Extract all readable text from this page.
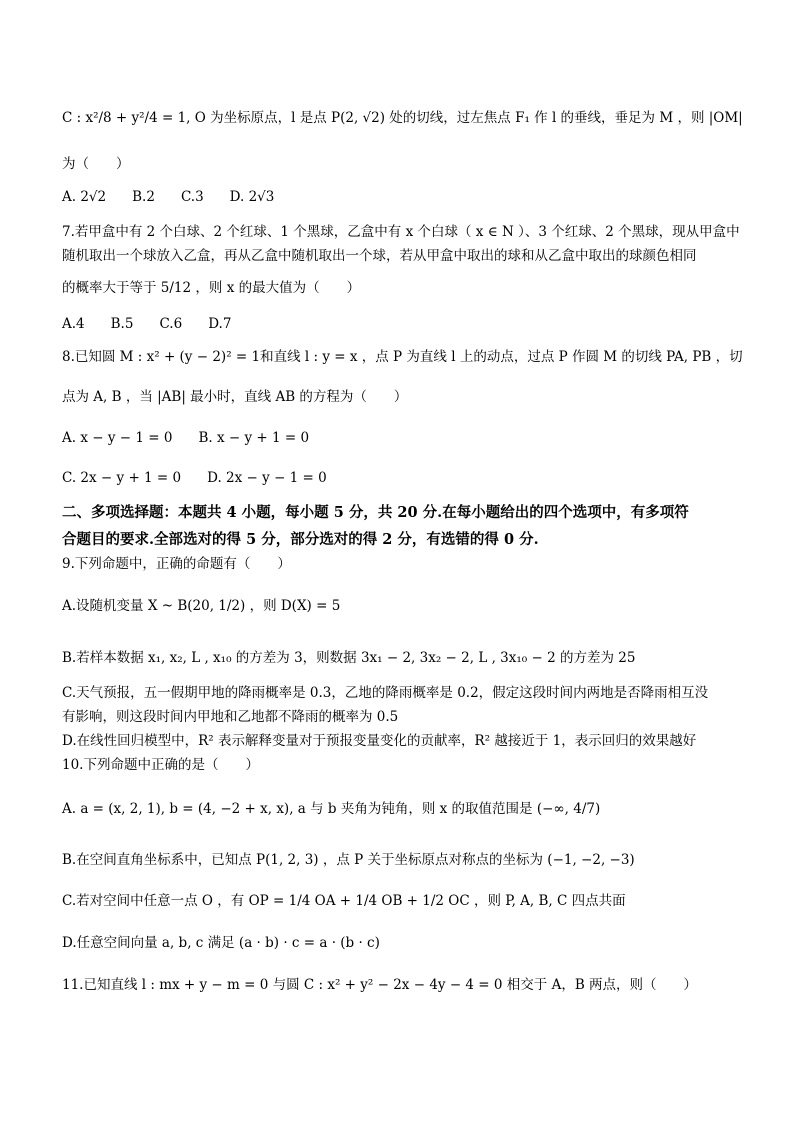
C : x²/8 + y²/4 = 1, O 为坐标原点，l 是点 P(2, √2) 处的切线，过左焦点 F₁ 作 l 的垂线，垂足为 M ，则 |OM|
为（　　）
A. 2√2 B.2 C.3 D. 2√3
7.若甲盒中有 2 个白球、2 个红球、1 个黑球，乙盒中有 x 个白球（ x ∈ N ）、3 个红球、2 个黑球，现从甲盒中
随机取出一个球放入乙盒，再从乙盒中随机取出一个球，若从甲盒中取出的球和从乙盒中取出的球颜色相同
的概率大于等于 5/12 ，则 x 的最大值为（　　）
A.4 B.5 C.6 D.7
8.已知圆 M : x² + (y − 2)² = 1和直线 l : y = x ，点 P 为直线 l 上的动点，过点 P 作圆 M 的切线 PA, PB ，切
点为 A, B ，当 |AB| 最小时，直线 AB 的方程为（　　）
A. x − y − 1 = 0 B. x − y + 1 = 0
C. 2x − y + 1 = 0 D. 2x − y − 1 = 0
二、多项选择题：本题共 4 小题，每小题 5 分，共 20 分.在每小题给出的四个选项中，有多项符
合题目的要求.全部选对的得 5 分，部分选对的得 2 分，有选错的得 0 分.
9.下列命题中，正确的命题有（　　）
A.设随机变量 X ~ B(20, 1/2) ，则 D(X) = 5
B.若样本数据 x₁, x₂, L , x₁₀ 的方差为 3，则数据 3x₁ − 2, 3x₂ − 2, L , 3x₁₀ − 2 的方差为 25
C.天气预报，五一假期甲地的降雨概率是 0.3，乙地的降雨概率是 0.2，假定这段时间内两地是否降雨相互没
有影响，则这段时间内甲地和乙地都不降雨的概率为 0.5
D.在线性回归模型中，R² 表示解释变量对于预报变量变化的贡献率，R² 越接近于 1，表示回归的效果越好
10.下列命题中正确的是（　　）
A. a = (x, 2, 1), b = (4, −2 + x, x), a 与 b 夹角为钝角，则 x 的取值范围是 (−∞, 4/7)
B.在空间直角坐标系中，已知点 P(1, 2, 3) ，点 P 关于坐标原点对称点的坐标为 (−1, −2, −3)
C.若对空间中任意一点 O ，有 OP = 1/4 OA + 1/4 OB + 1/2 OC ，则 P, A, B, C 四点共面
D.任意空间向量 a, b, c 满足 (a · b) · c = a · (b · c)
11.已知直线 l : mx + y − m = 0 与圆 C : x² + y² − 2x − 4y − 4 = 0 相交于 A，B 两点，则（　　）
